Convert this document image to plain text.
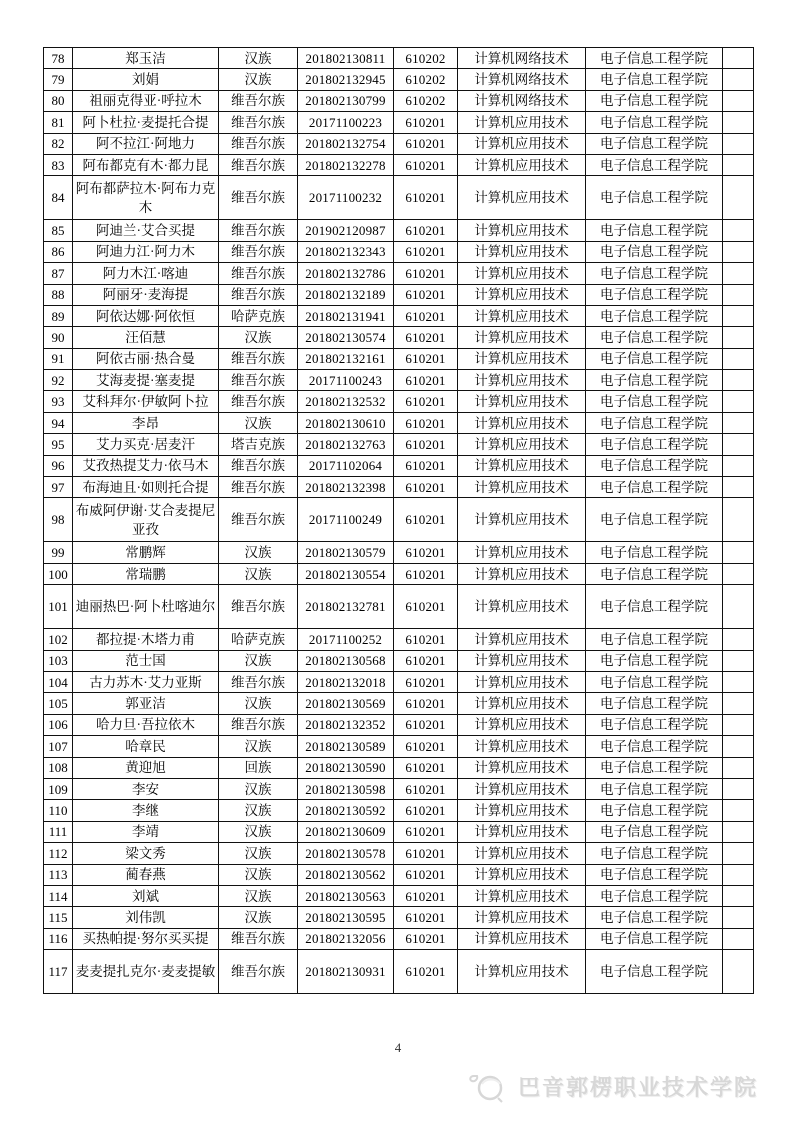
78	郑玉洁	汉族	201802130811	610202	计算机网络技术	电子信息工程学院	
79	刘娟	汉族	201802132945	610202	计算机网络技术	电子信息工程学院	
80	祖丽克得亚·呼拉木	维吾尔族	201802130799	610202	计算机网络技术	电子信息工程学院	
81	阿卜杜拉·麦提托合提	维吾尔族	20171100223	610201	计算机应用技术	电子信息工程学院	
82	阿不拉江·阿地力	维吾尔族	201802132754	610201	计算机应用技术	电子信息工程学院	
83	阿布都克有木·都力昆	维吾尔族	201802132278	610201	计算机应用技术	电子信息工程学院	
84	阿布都萨拉木·阿布力克木	维吾尔族	20171100232	610201	计算机应用技术	电子信息工程学院	
85	阿迪兰·艾合买提	维吾尔族	201902120987	610201	计算机应用技术	电子信息工程学院	
86	阿迪力江·阿力木	维吾尔族	201802132343	610201	计算机应用技术	电子信息工程学院	
87	阿力木江·喀迪	维吾尔族	201802132786	610201	计算机应用技术	电子信息工程学院	
88	阿丽牙·麦海提	维吾尔族	201802132189	610201	计算机应用技术	电子信息工程学院	
89	阿依达娜·阿依恒	哈萨克族	201802131941	610201	计算机应用技术	电子信息工程学院	
90	汪佰慧	汉族	201802130574	610201	计算机应用技术	电子信息工程学院	
91	阿依古丽·热合曼	维吾尔族	201802132161	610201	计算机应用技术	电子信息工程学院	
92	艾海麦提·塞麦提	维吾尔族	20171100243	610201	计算机应用技术	电子信息工程学院	
93	艾科拜尔·伊敏阿卜拉	维吾尔族	201802132532	610201	计算机应用技术	电子信息工程学院	
94	李昂	汉族	201802130610	610201	计算机应用技术	电子信息工程学院	
95	艾力买克·居麦汗	塔吉克族	201802132763	610201	计算机应用技术	电子信息工程学院	
96	艾孜热提艾力·依马木	维吾尔族	20171102064	610201	计算机应用技术	电子信息工程学院	
97	布海迪且·如则托合提	维吾尔族	201802132398	610201	计算机应用技术	电子信息工程学院	
98	布威阿伊谢·艾合麦提尼亚孜	维吾尔族	20171100249	610201	计算机应用技术	电子信息工程学院	
99	常鹏辉	汉族	201802130579	610201	计算机应用技术	电子信息工程学院	
100	常瑞鹏	汉族	201802130554	610201	计算机应用技术	电子信息工程学院	
101	迪丽热巴·阿卜杜喀迪尔	维吾尔族	201802132781	610201	计算机应用技术	电子信息工程学院	
102	都拉提·木塔力甫	哈萨克族	20171100252	610201	计算机应用技术	电子信息工程学院	
103	范士国	汉族	201802130568	610201	计算机应用技术	电子信息工程学院	
104	古力苏木·艾力亚斯	维吾尔族	201802132018	610201	计算机应用技术	电子信息工程学院	
105	郭亚洁	汉族	201802130569	610201	计算机应用技术	电子信息工程学院	
106	哈力旦·吾拉依木	维吾尔族	201802132352	610201	计算机应用技术	电子信息工程学院	
107	哈章民	汉族	201802130589	610201	计算机应用技术	电子信息工程学院	
108	黄迎旭	回族	201802130590	610201	计算机应用技术	电子信息工程学院	
109	李安	汉族	201802130598	610201	计算机应用技术	电子信息工程学院	
110	李继	汉族	201802130592	610201	计算机应用技术	电子信息工程学院	
111	李靖	汉族	201802130609	610201	计算机应用技术	电子信息工程学院	
112	梁文秀	汉族	201802130578	610201	计算机应用技术	电子信息工程学院	
113	蔺春燕	汉族	201802130562	610201	计算机应用技术	电子信息工程学院	
114	刘斌	汉族	201802130563	610201	计算机应用技术	电子信息工程学院	
115	刘伟凯	汉族	201802130595	610201	计算机应用技术	电子信息工程学院	
116	买热帕提·努尔买买提	维吾尔族	201802132056	610201	计算机应用技术	电子信息工程学院	
117	麦麦提扎克尔·麦麦提敏	维吾尔族	201802130931	610201	计算机应用技术	电子信息工程学院	
4
巴音郭楞职业技术学院
